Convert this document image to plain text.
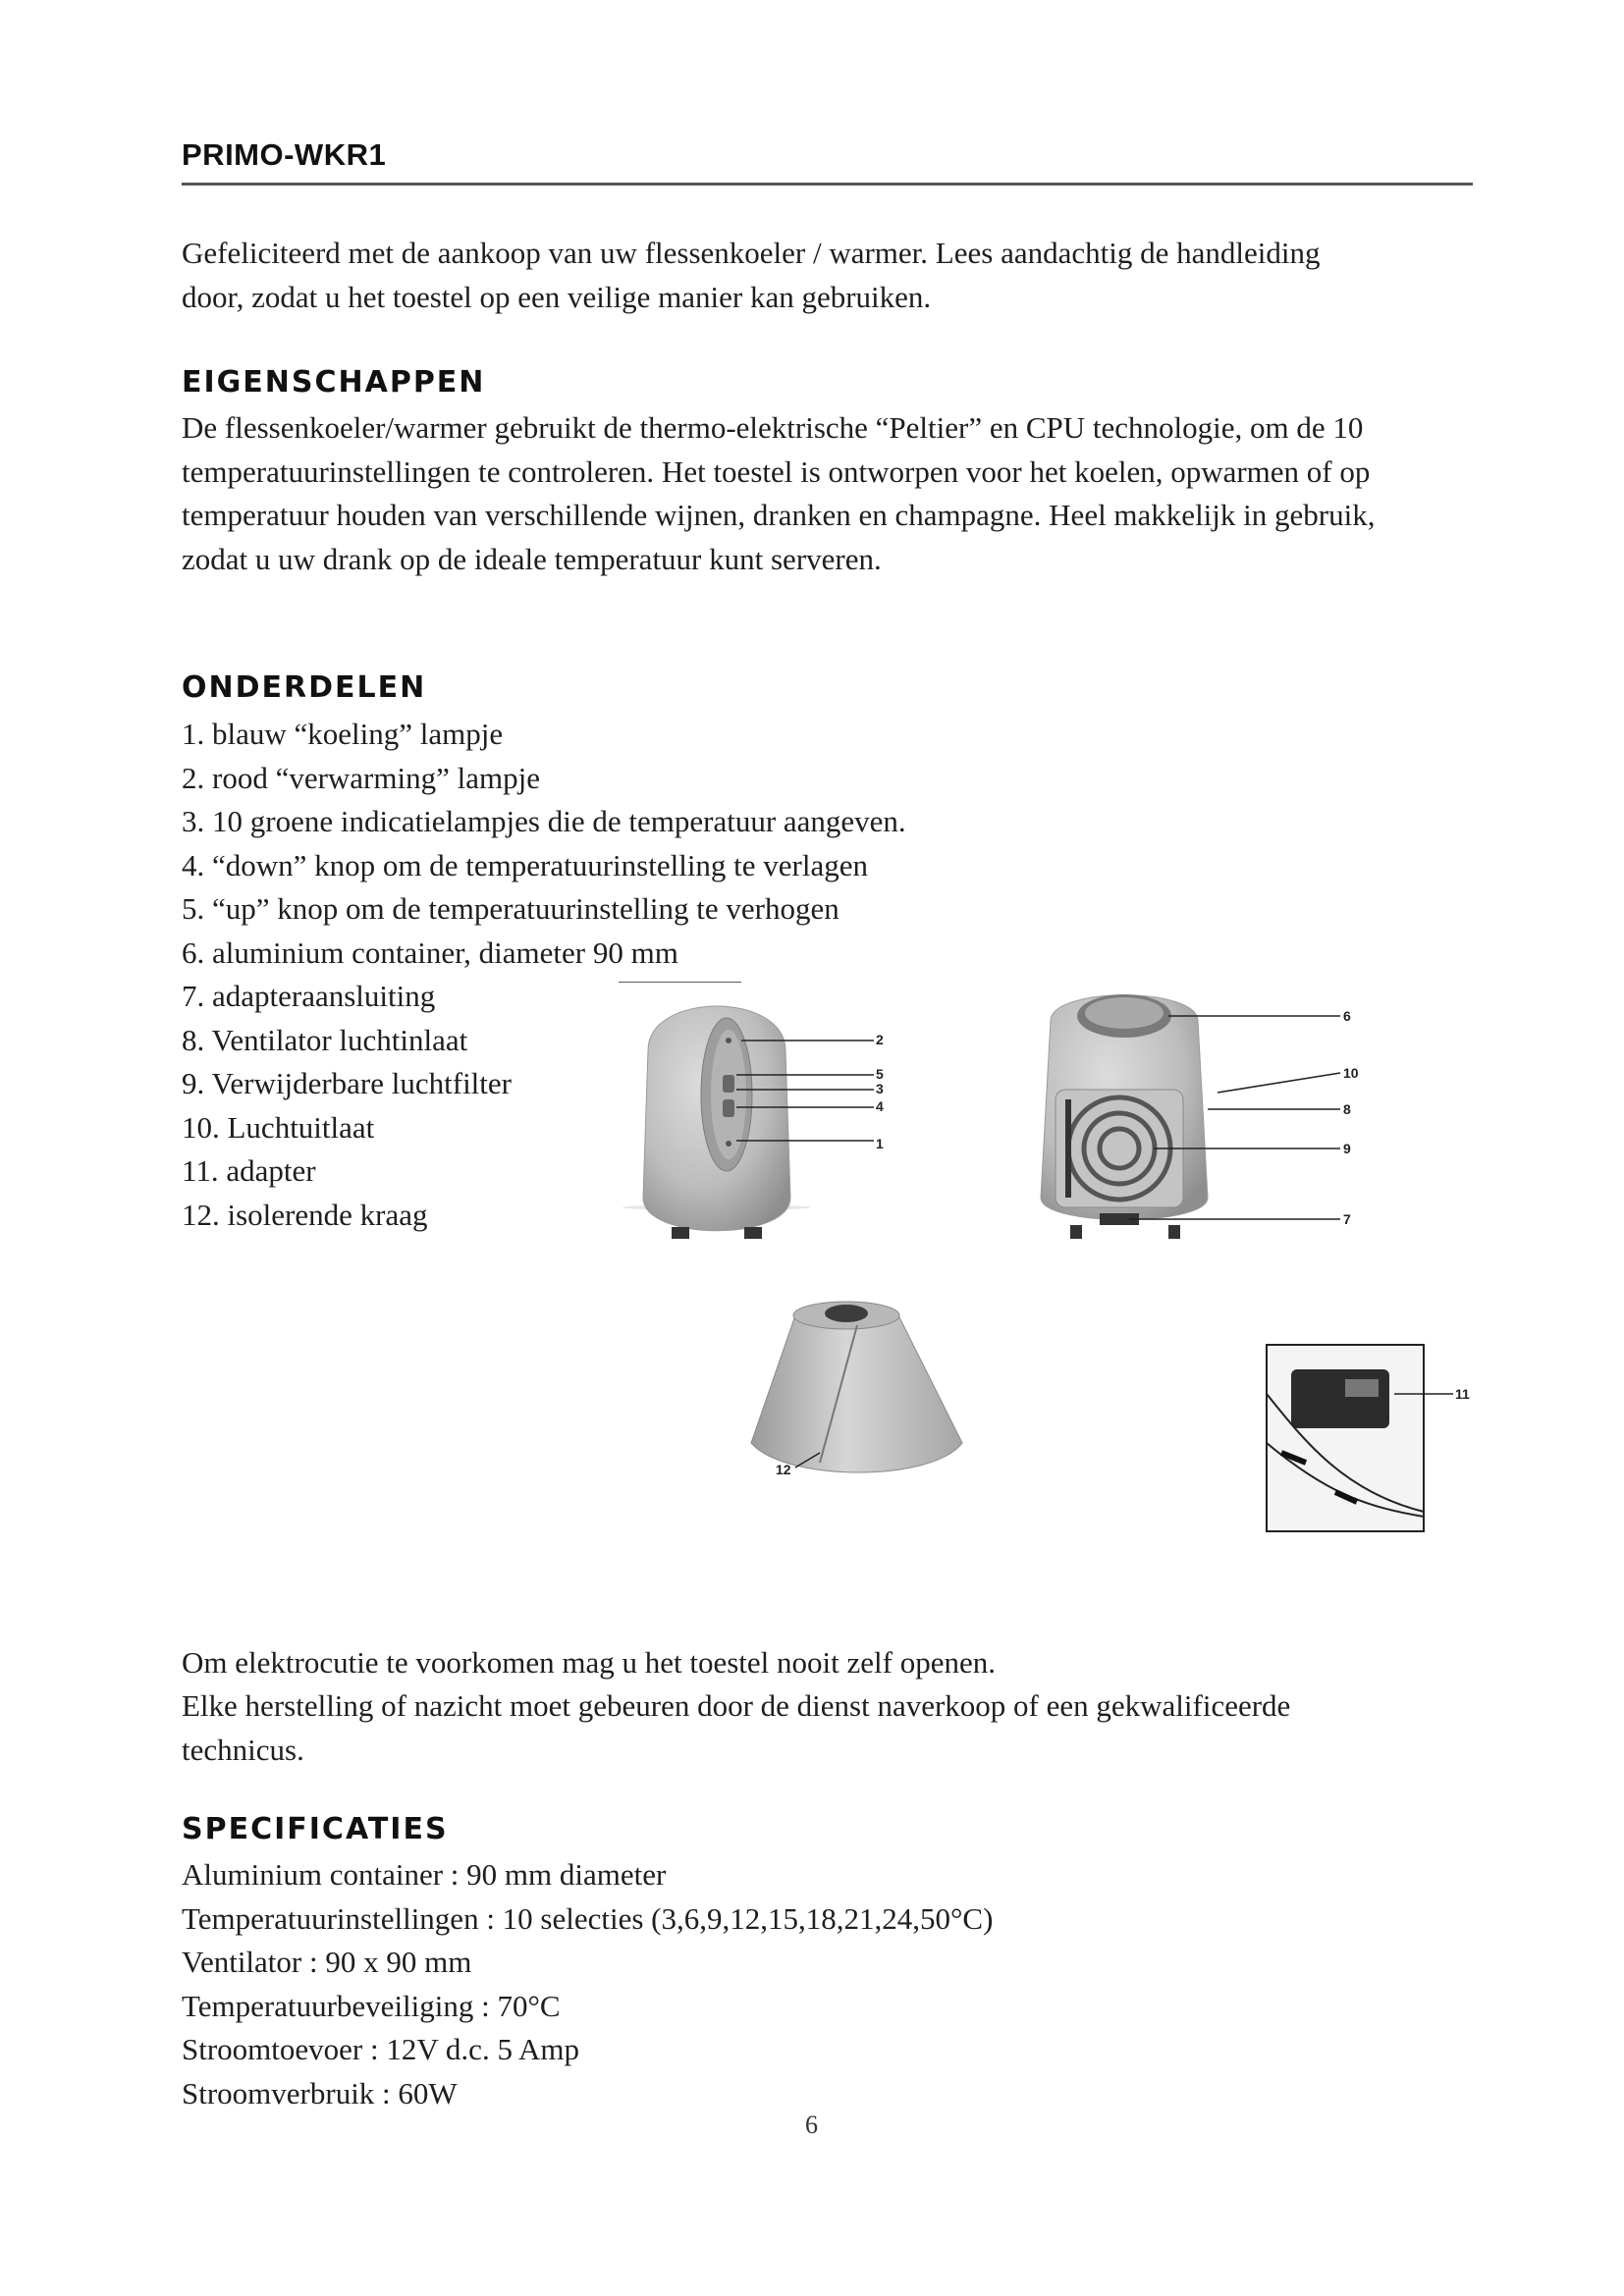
PRIMO-WKR1

Gefeliciteerd met de aankoop van uw flessenkoeler / warmer. Lees aandachtig de handleiding door, zodat u het toestel op een veilige manier kan gebruiken.

EIGENSCHAPPEN

De flessenkoeler/warmer gebruikt de thermo-elektrische “Peltier” en CPU technologie, om de 10 temperatuurinstellingen te controleren. Het toestel is ontworpen voor het koelen, opwarmen of op temperatuur houden van verschillende wijnen, dranken en champagne. Heel makkelijk in gebruik, zodat u uw drank op de ideale temperatuur kunt serveren.

ONDERDELEN
1. blauw “koeling” lampje
2. rood “verwarming” lampje
3. 10 groene indicatielampjes die de temperatuur aangeven.
4. “down” knop om de temperatuurinstelling te verlagen
5. “up” knop om de temperatuurinstelling te verhogen
6. aluminium container, diameter 90 mm
7. adapteraansluiting
8. Ventilator luchtinlaat
9. Verwijderbare luchtfilter
10. Luchtuitlaat
11. adapter
12. isolerende kraag
1
2
3
4
5
6
7
8
9
10
11
12

Om elektrocutie te voorkomen mag u het toestel nooit zelf openen.

Elke herstelling of nazicht moet gebeuren door de dienst naverkoop of een gekwalificeerde technicus.

SPECIFICATIES
Aluminium container : 90 mm diameter
Temperatuurinstellingen : 10 selecties (3,6,9,12,15,18,21,24,50°C)
Ventilator : 90 x 90 mm
Temperatuurbeveiliging : 70°C
Stroomtoevoer : 12V d.c. 5 Amp
Stroomverbruik : 60W
6
